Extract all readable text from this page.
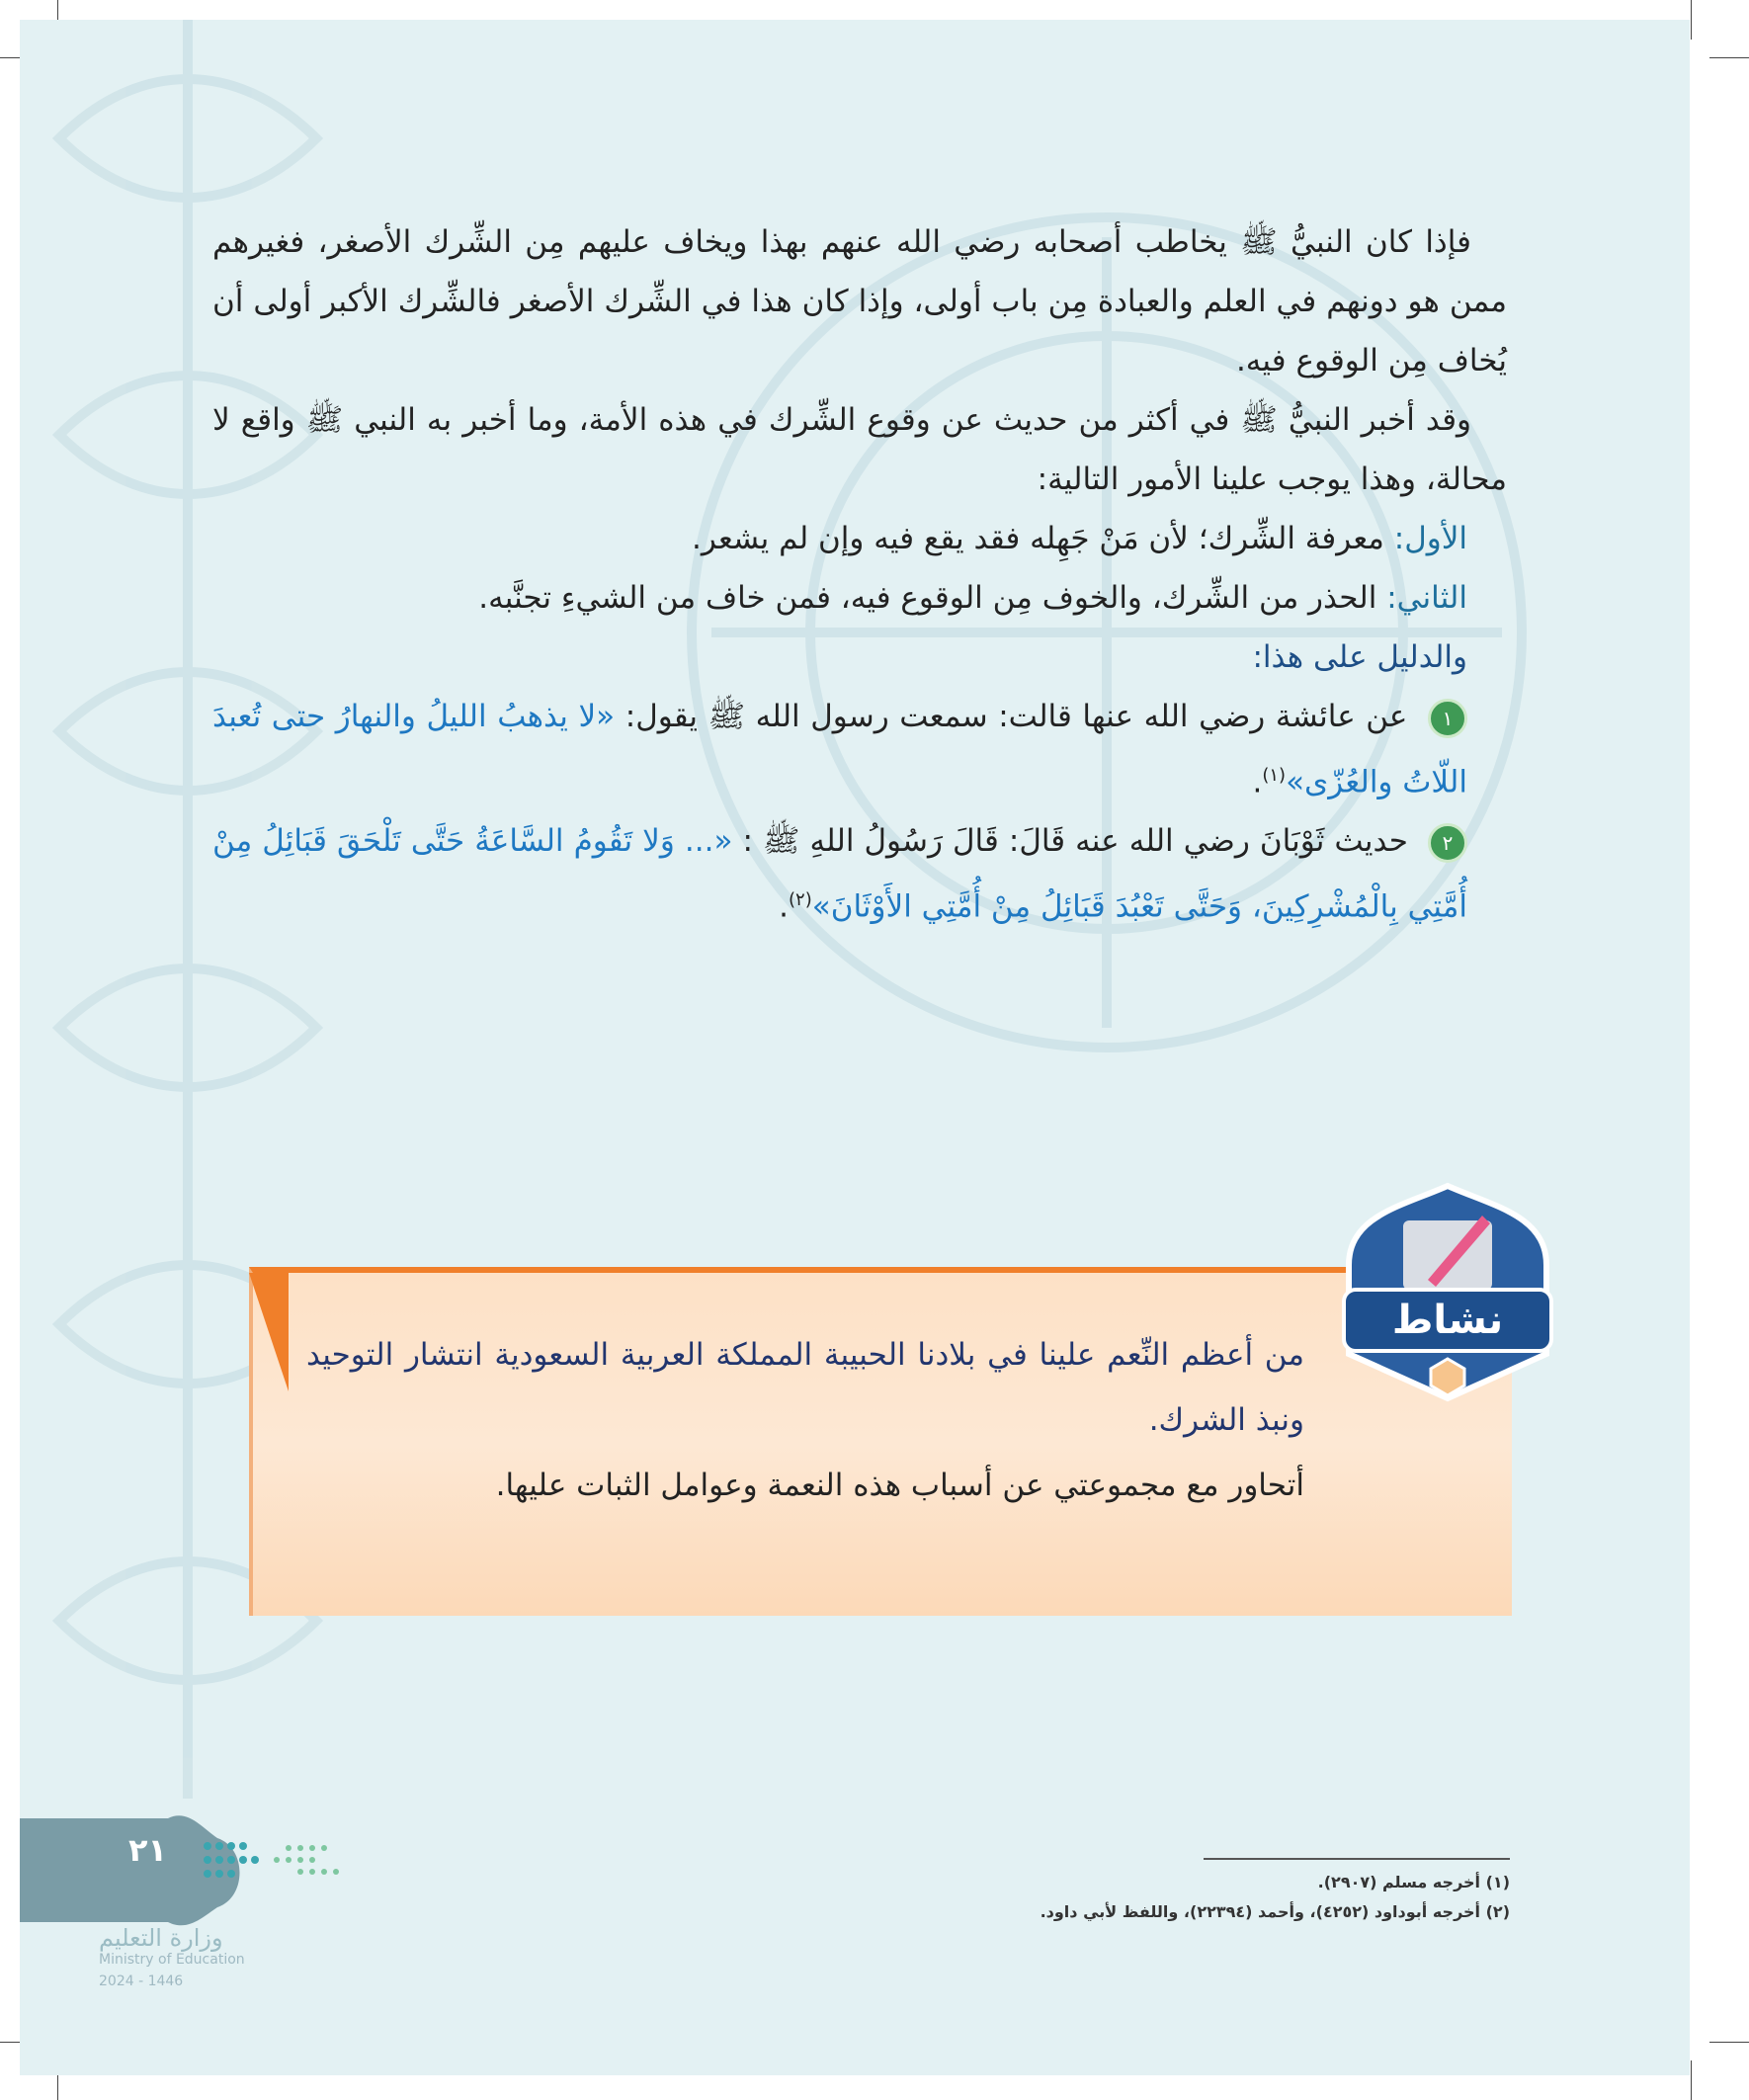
فإذا كان النبيُّ ﷺ يخاطب أصحابه رضي الله عنهم بهذا ويخاف عليهم مِن الشِّرك الأصغر، فغيرهم ممن هو دونهم في العلم والعبادة مِن باب أولى، وإذا كان هذا في الشِّرك الأصغر فالشِّرك الأكبر أولى أن يُخاف مِن الوقوع فيه.

وقد أخبر النبيُّ ﷺ في أكثر من حديث عن وقوع الشِّرك في هذه الأمة، وما أخبر به النبي ﷺ واقع لا محالة، وهذا يوجب علينا الأمور التالية:

الأول: معرفة الشِّرك؛ لأن مَنْ جَهِله فقد يقع فيه وإن لم يشعر.

الثاني: الحذر من الشِّرك، والخوف مِن الوقوع فيه، فمن خاف من الشيءِ تجنَّبه.

والدليل على هذا:

١ عن عائشة رضي الله عنها قالت: سمعت رسول الله ﷺ يقول: «لا يذهبُ الليلُ والنهارُ حتى تُعبدَ اللّاتُ والعُزّى»$^{(١)}$.

٢ حديث ثَوْبَانَ رضي الله عنه قَالَ: قَالَ رَسُولُ اللهِ ﷺ : «... وَلا تَقُومُ السَّاعَةُ حَتَّى تَلْحَقَ قَبَائِلُ مِنْ أُمَّتِي بِالْمُشْرِكِينَ، وَحَتَّى تَعْبُدَ قَبَائِلُ مِنْ أُمَّتِي الأَوْثَانَ»$^{(٢)}$.

من أعظم النِّعم علينا في بلادنا الحبيبة المملكة العربية السعودية انتشار التوحيد ونبذ الشرك.
أتحاور مع مجموعتي عن أسباب هذه النعمة وعوامل الثبات عليها.
نشاط
(١) أخرجه مسلم (٢٩٠٧).
(٢) أخرجه أبوداود (٤٢٥٢)، وأحمد (٢٢٣٩٤)، واللفظ لأبي داود.
٢١
وزارة التعليم
Ministry of Education
2024 - 1446
